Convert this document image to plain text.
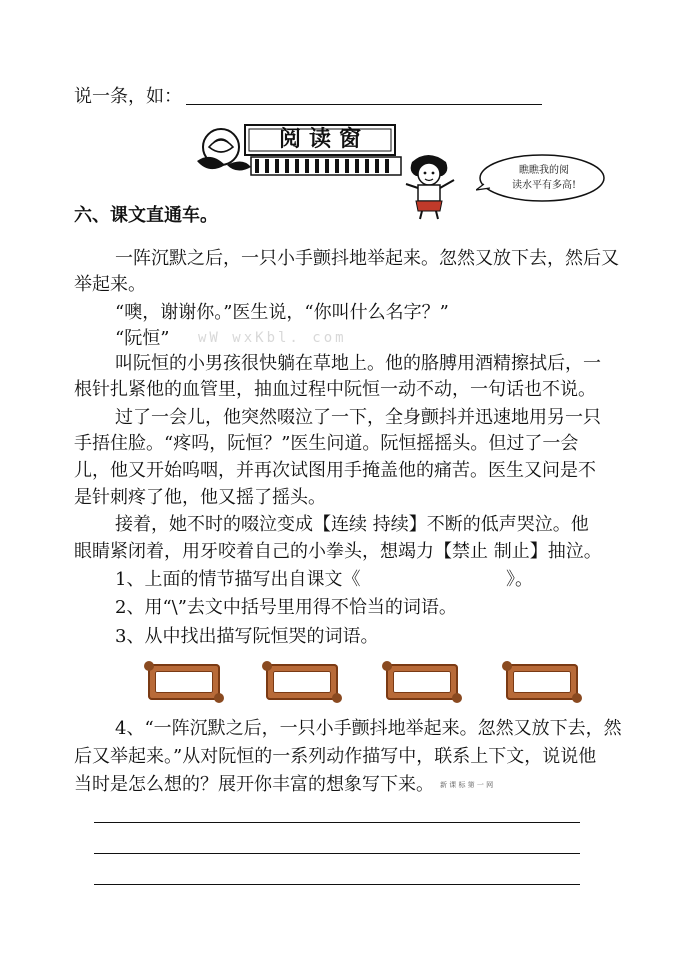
说一条，如：
阅读窗
瞧瞧我的阅
读水平有多高!
六、课文直通车。
一阵沉默之后，一只小手颤抖地举起来。忽然又放下去，然后又
举起来。
“噢，谢谢你。”医生说，“你叫什么名字？”
“阮恒” wW wxKbl. com
叫阮恒的小男孩很快躺在草地上。他的胳膊用酒精擦拭后，一
根针扎紧他的血管里，抽血过程中阮恒一动不动，一句话也不说。
过了一会儿，他突然啜泣了一下，全身颤抖并迅速地用另一只
手捂住脸。“疼吗，阮恒？”医生问道。阮恒摇摇头。但过了一会
儿，他又开始呜咽，并再次试图用手掩盖他的痛苦。医生又问是不
是针刺疼了他，他又摇了摇头。
接着，她不时的啜泣变成【连续 持续】不断的低声哭泣。他
眼睛紧闭着，用牙咬着自己的小拳头，想竭力【禁止 制止】抽泣。
1、上面的情节描写出自课文《	》。
2、用“\”去文中括号里用得不恰当的词语。
3、从中找出描写阮恒哭的词语。
4、“一阵沉默之后，一只小手颤抖地举起来。忽然又放下去，然
后又举起来。”从对阮恒的一系列动作描写中，联系上下文，说说他
当时是怎么想的？展开你丰富的想象写下来。 新 课 标 第 一 网
